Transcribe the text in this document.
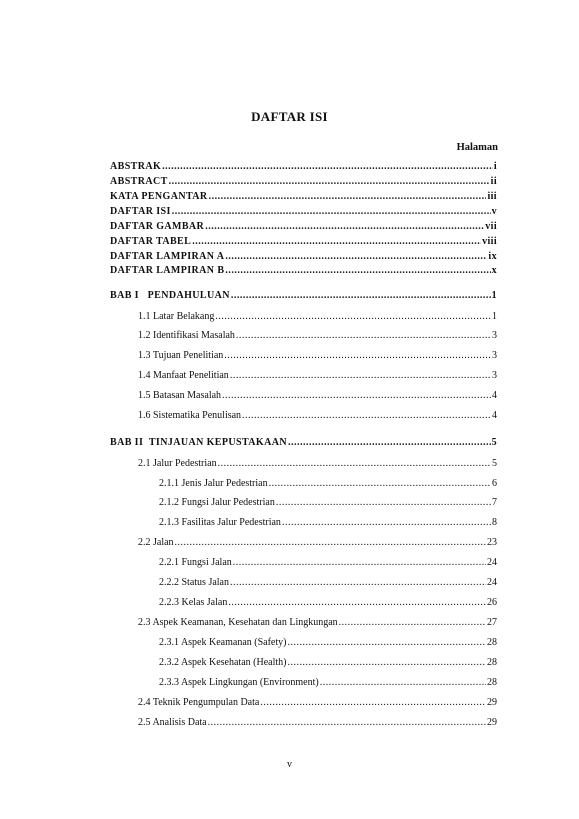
DAFTAR ISI
Halaman
ABSTRAK .....	i
ABSTRACT .....	ii
KATA PENGANTAR .....	iii
DAFTAR ISI .....	v
DAFTAR GAMBAR .....	vii
DAFTAR TABEL .....	viii
DAFTAR LAMPIRAN A .....	ix
DAFTAR LAMPIRAN B .....	x
BAB I   PENDAHULUAN .....	1
1.1 Latar Belakang .....	1
1.2 Identifikasi Masalah .....	3
1.3 Tujuan Penelitian .....	3
1.4 Manfaat Penelitian .....	3
1.5 Batasan Masalah .....	4
1.6 Sistematika Penulisan .....	4
BAB II  TINJAUAN KEPUSTAKAAN .....	5
2.1 Jalur Pedestrian .....	5
2.1.1 Jenis Jalur Pedestrian .....	6
2.1.2 Fungsi Jalur Pedestrian .....	7
2.1.3 Fasilitas Jalur Pedestrian .....	8
2.2 Jalan .....	23
2.2.1 Fungsi Jalan .....	24
2.2.2 Status Jalan .....	24
2.2.3 Kelas Jalan .....	26
2.3 Aspek Keamanan, Kesehatan dan Lingkungan .....	27
2.3.1 Aspek Keamanan (Safety) .....	28
2.3.2 Aspek Kesehatan (Health) .....	28
2.3.3 Aspek Lingkungan (Environment) .....	28
2.4 Teknik Pengumpulan Data .....	29
2.5 Analisis Data .....	29
v
